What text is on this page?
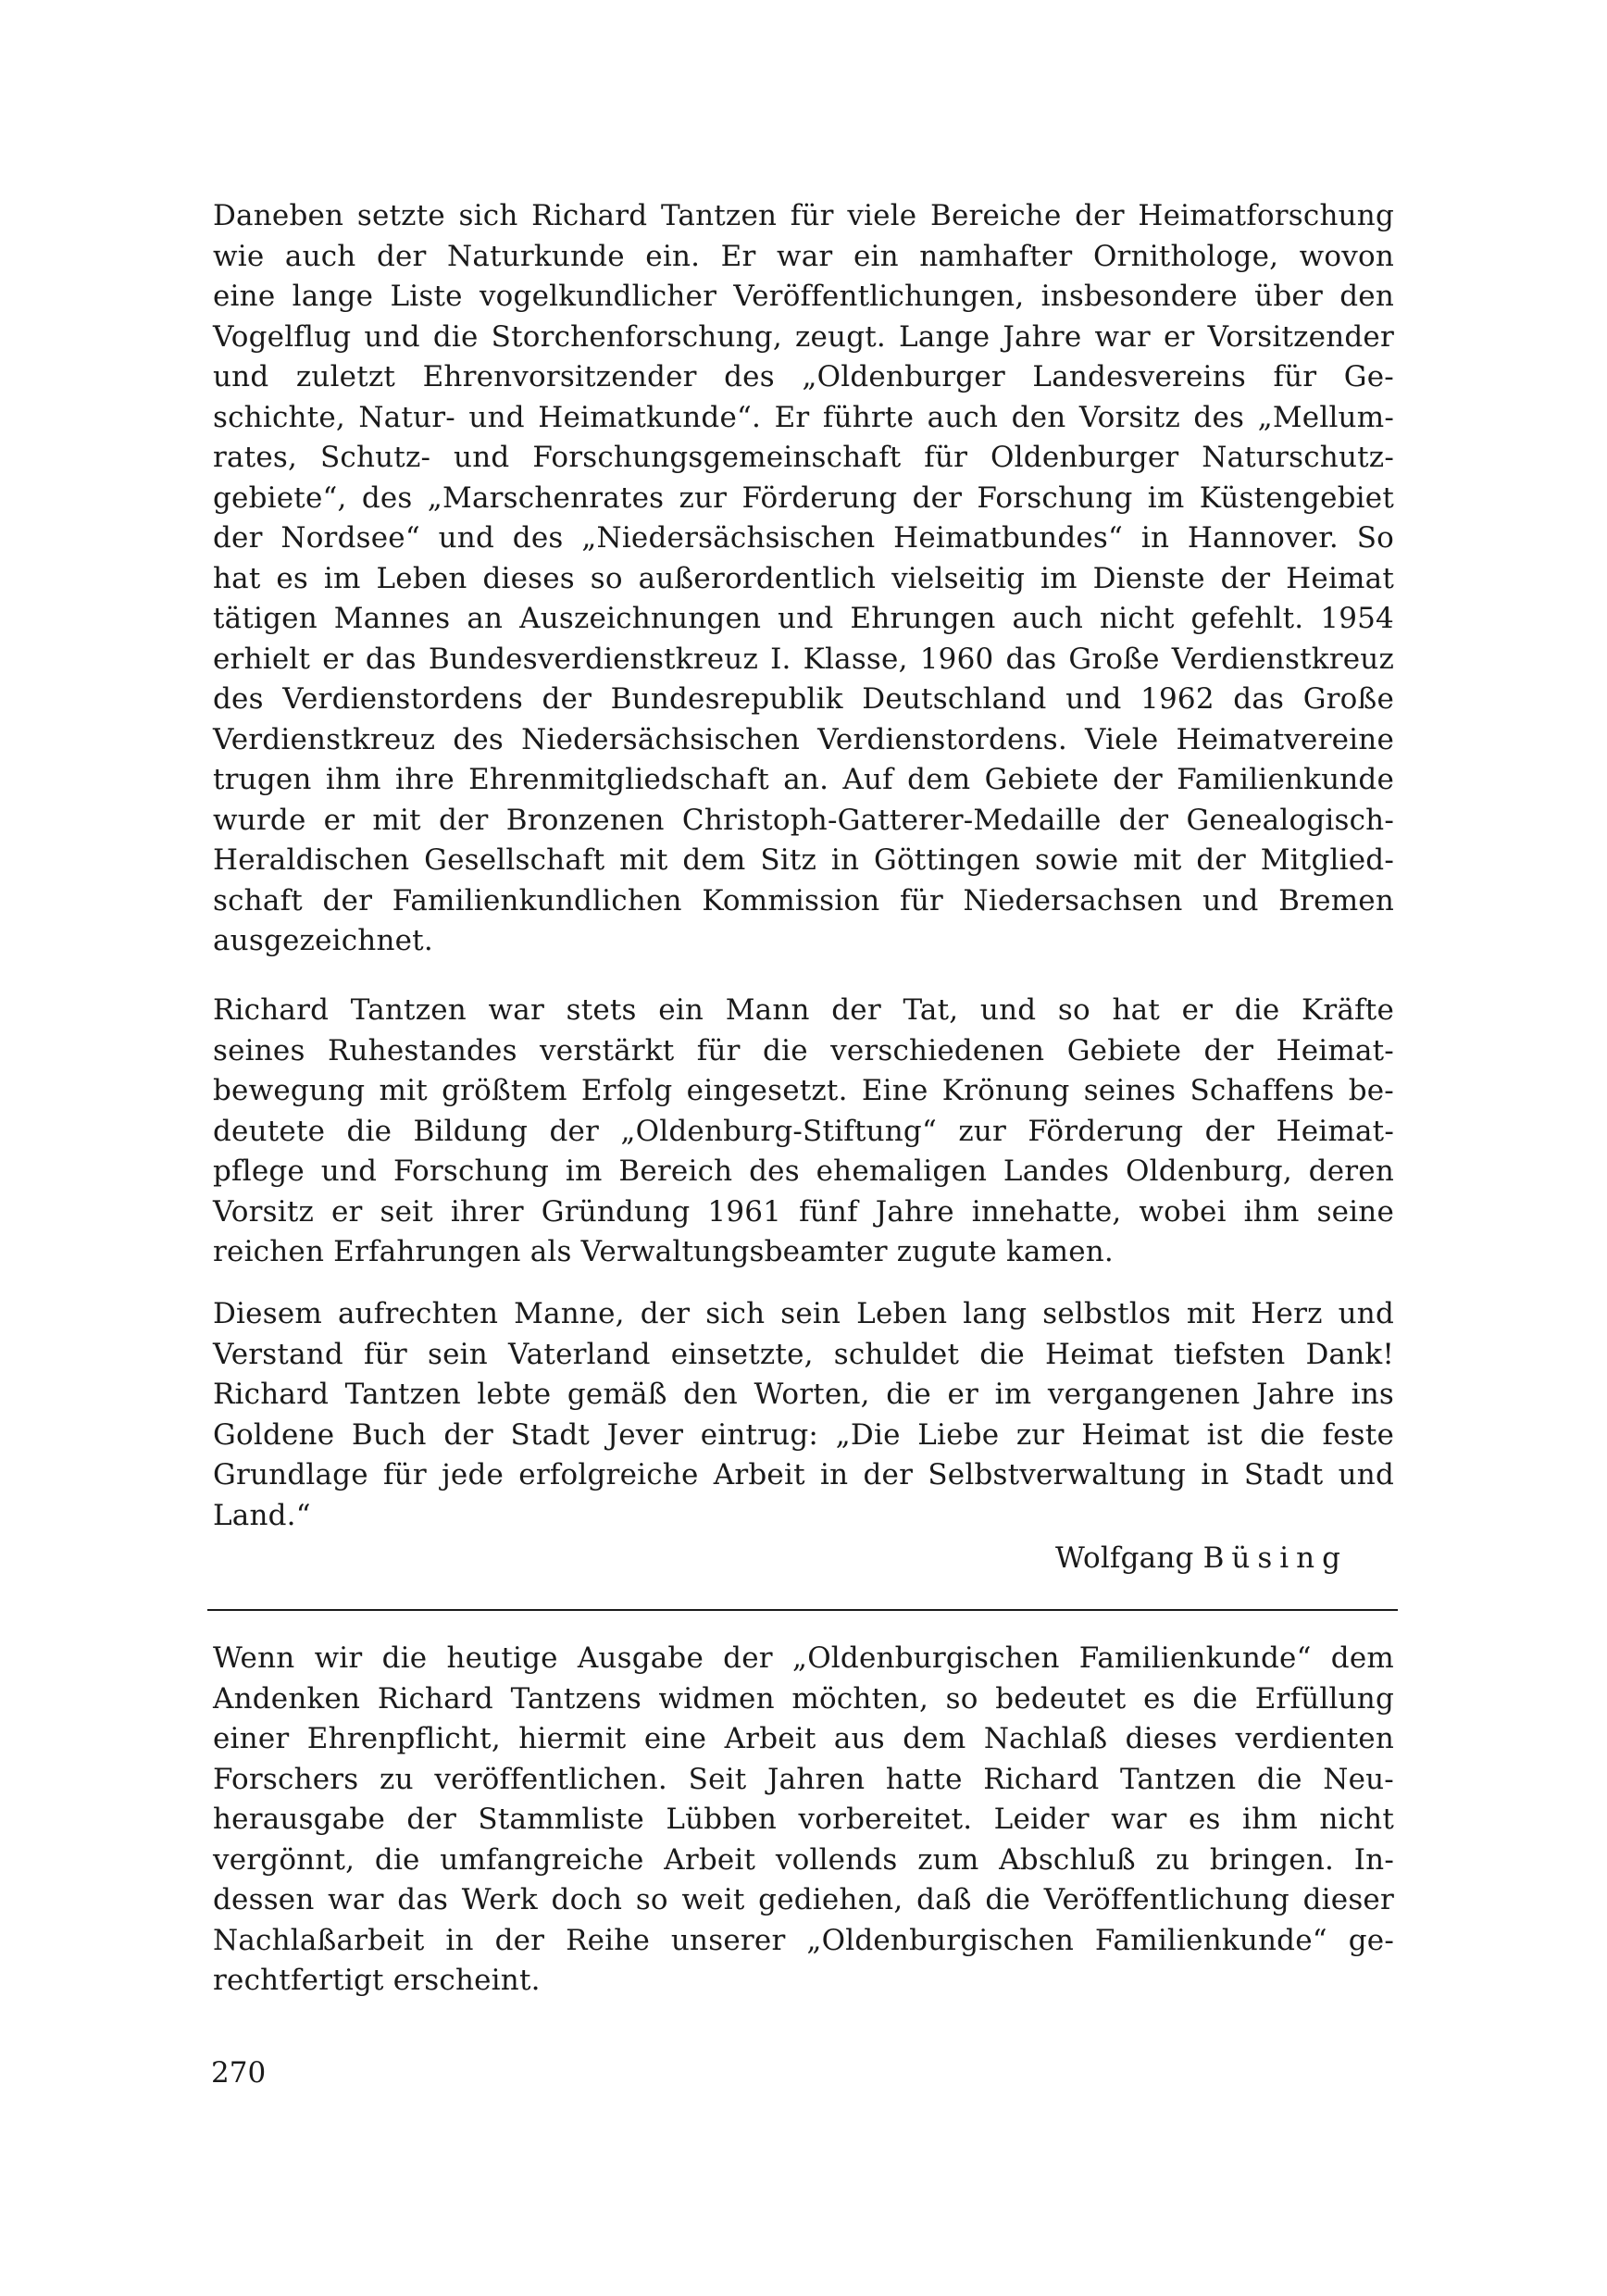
Daneben setzte sich Richard Tantzen für viele Bereiche der Heimatforschung
wie auch der Naturkunde ein. Er war ein namhafter Ornithologe, wovon
eine lange Liste vogelkundlicher Veröffentlichungen, insbesondere über den
Vogelflug und die Storchenforschung, zeugt. Lange Jahre war er Vorsitzender
und zuletzt Ehrenvorsitzender des „Oldenburger Landesvereins für Ge-
schichte, Natur- und Heimatkunde“. Er führte auch den Vorsitz des „Mellum-
rates, Schutz- und Forschungsgemeinschaft für Oldenburger Naturschutz-
gebiete“, des „Marschenrates zur Förderung der Forschung im Küstengebiet
der Nordsee“ und des „Niedersächsischen Heimatbundes“ in Hannover. So
hat es im Leben dieses so außerordentlich vielseitig im Dienste der Heimat
tätigen Mannes an Auszeichnungen und Ehrungen auch nicht gefehlt. 1954
erhielt er das Bundesverdienstkreuz I. Klasse, 1960 das Große Verdienstkreuz
des Verdienstordens der Bundesrepublik Deutschland und 1962 das Große
Verdienstkreuz des Niedersächsischen Verdienstordens. Viele Heimatvereine
trugen ihm ihre Ehrenmitgliedschaft an. Auf dem Gebiete der Familienkunde
wurde er mit der Bronzenen Christoph-Gatterer-Medaille der Genealogisch-
Heraldischen Gesellschaft mit dem Sitz in Göttingen sowie mit der Mitglied-
schaft der Familienkundlichen Kommission für Niedersachsen und Bremen
ausgezeichnet.
Richard Tantzen war stets ein Mann der Tat, und so hat er die Kräfte
seines Ruhestandes verstärkt für die verschiedenen Gebiete der Heimat-
bewegung mit größtem Erfolg eingesetzt. Eine Krönung seines Schaffens be-
deutete die Bildung der „Oldenburg-Stiftung“ zur Förderung der Heimat-
pflege und Forschung im Bereich des ehemaligen Landes Oldenburg, deren
Vorsitz er seit ihrer Gründung 1961 fünf Jahre innehatte, wobei ihm seine
reichen Erfahrungen als Verwaltungsbeamter zugute kamen.
Diesem aufrechten Manne, der sich sein Leben lang selbstlos mit Herz und
Verstand für sein Vaterland einsetzte, schuldet die Heimat tiefsten Dank!
Richard Tantzen lebte gemäß den Worten, die er im vergangenen Jahre ins
Goldene Buch der Stadt Jever eintrug: „Die Liebe zur Heimat ist die feste
Grundlage für jede erfolgreiche Arbeit in der Selbstverwaltung in Stadt und
Land.“
Wolfgang Büsing
Wenn wir die heutige Ausgabe der „Oldenburgischen Familienkunde“ dem
Andenken Richard Tantzens widmen möchten, so bedeutet es die Erfüllung
einer Ehrenpflicht, hiermit eine Arbeit aus dem Nachlaß dieses verdienten
Forschers zu veröffentlichen. Seit Jahren hatte Richard Tantzen die Neu-
herausgabe der Stammliste Lübben vorbereitet. Leider war es ihm nicht
vergönnt, die umfangreiche Arbeit vollends zum Abschluß zu bringen. In-
dessen war das Werk doch so weit gediehen, daß die Veröffentlichung dieser
Nachlaßarbeit in der Reihe unserer „Oldenburgischen Familienkunde“ ge-
rechtfertigt erscheint.
270
